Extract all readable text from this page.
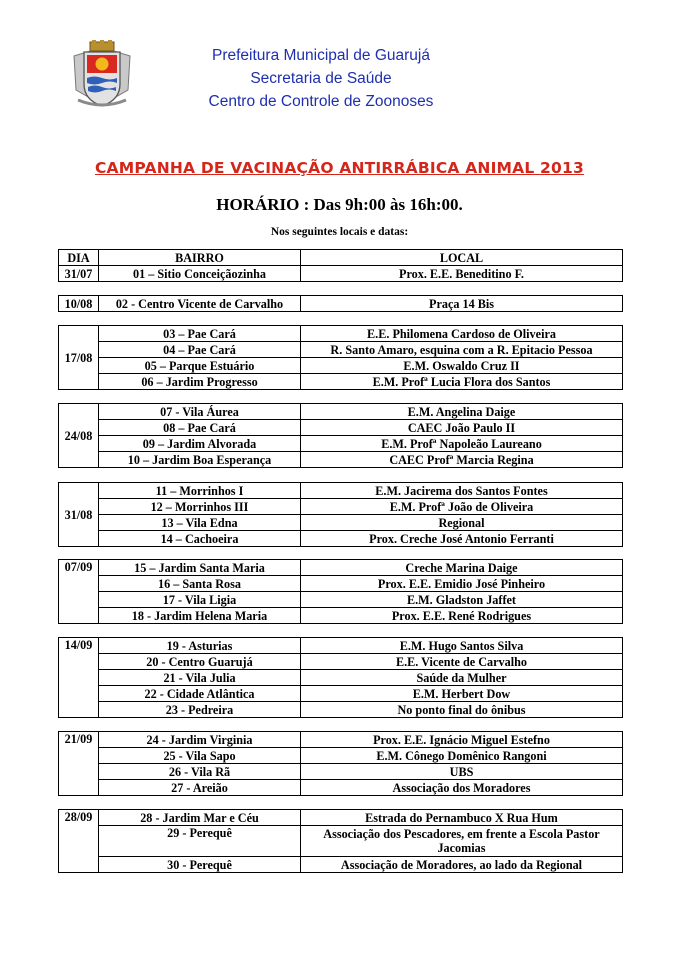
Prefeitura Municipal de Guarujá
Secretaria de Saúde
Centro de Controle de Zoonoses
CAMPANHA DE VACINAÇÃO ANTIRRÁBICA ANIMAL 2013
HORÁRIO : Das 9h:00 às 16h:00.
Nos seguintes locais e datas:
DIA	BAIRRO	LOCAL
31/07	01 – Sitio Conceiçãozinha	Prox. E.E. Beneditino F.
10/08	02 - Centro Vicente de Carvalho	Praça 14 Bis
17/08	03 – Pae Cará	E.E. Philomena Cardoso de Oliveira
	04 – Pae Cará	R. Santo Amaro, esquina com a R. Epitacio Pessoa
	05 – Parque Estuário	E.M. Oswaldo Cruz II
	06 – Jardim Progresso	E.M. Profª Lucia Flora dos Santos
24/08	07 - Vila Áurea	E.M. Angelina Daige
	08 – Pae Cará	CAEC João Paulo II
	09 – Jardim Alvorada	E.M. Profª Napoleão Laureano
	10 – Jardim Boa Esperança	CAEC Profª Marcia Regina
31/08	11 – Morrinhos I	E.M. Jacirema dos Santos Fontes
	12 – Morrinhos III	E.M. Profª João de Oliveira
	13 – Vila Edna	Regional
	14 – Cachoeira	Prox. Creche José Antonio Ferranti
07/09	15 – Jardim Santa Maria	Creche Marina Daige
	16 – Santa Rosa	Prox. E.E. Emidio José Pinheiro
	17 - Vila Ligia	E.M. Gladston Jaffet
	18 - Jardim Helena Maria	Prox. E.E. René Rodrigues
14/09	19 - Asturias	E.M. Hugo Santos Silva
	20 - Centro Guarujá	E.E. Vicente de Carvalho
	21 - Vila Julia	Saúde da Mulher
	22 - Cidade Atlântica	E.M. Herbert Dow
	23 - Pedreira	No ponto final do ônibus
21/09	24 - Jardim Virginia	Prox. E.E. Ignácio Miguel Estefno
	25 - Vila Sapo	E.M. Cônego Domênico Rangoni
	26 - Vila Rã	UBS
	27 - Areião	Associação dos Moradores
28/09	28 - Jardim Mar e Céu	Estrada do Pernambuco X Rua Hum
	29 - Perequê	Associação dos Pescadores, em frente a Escola Pastor Jacomias
	30 - Perequê	Associação de Moradores, ao lado da Regional
